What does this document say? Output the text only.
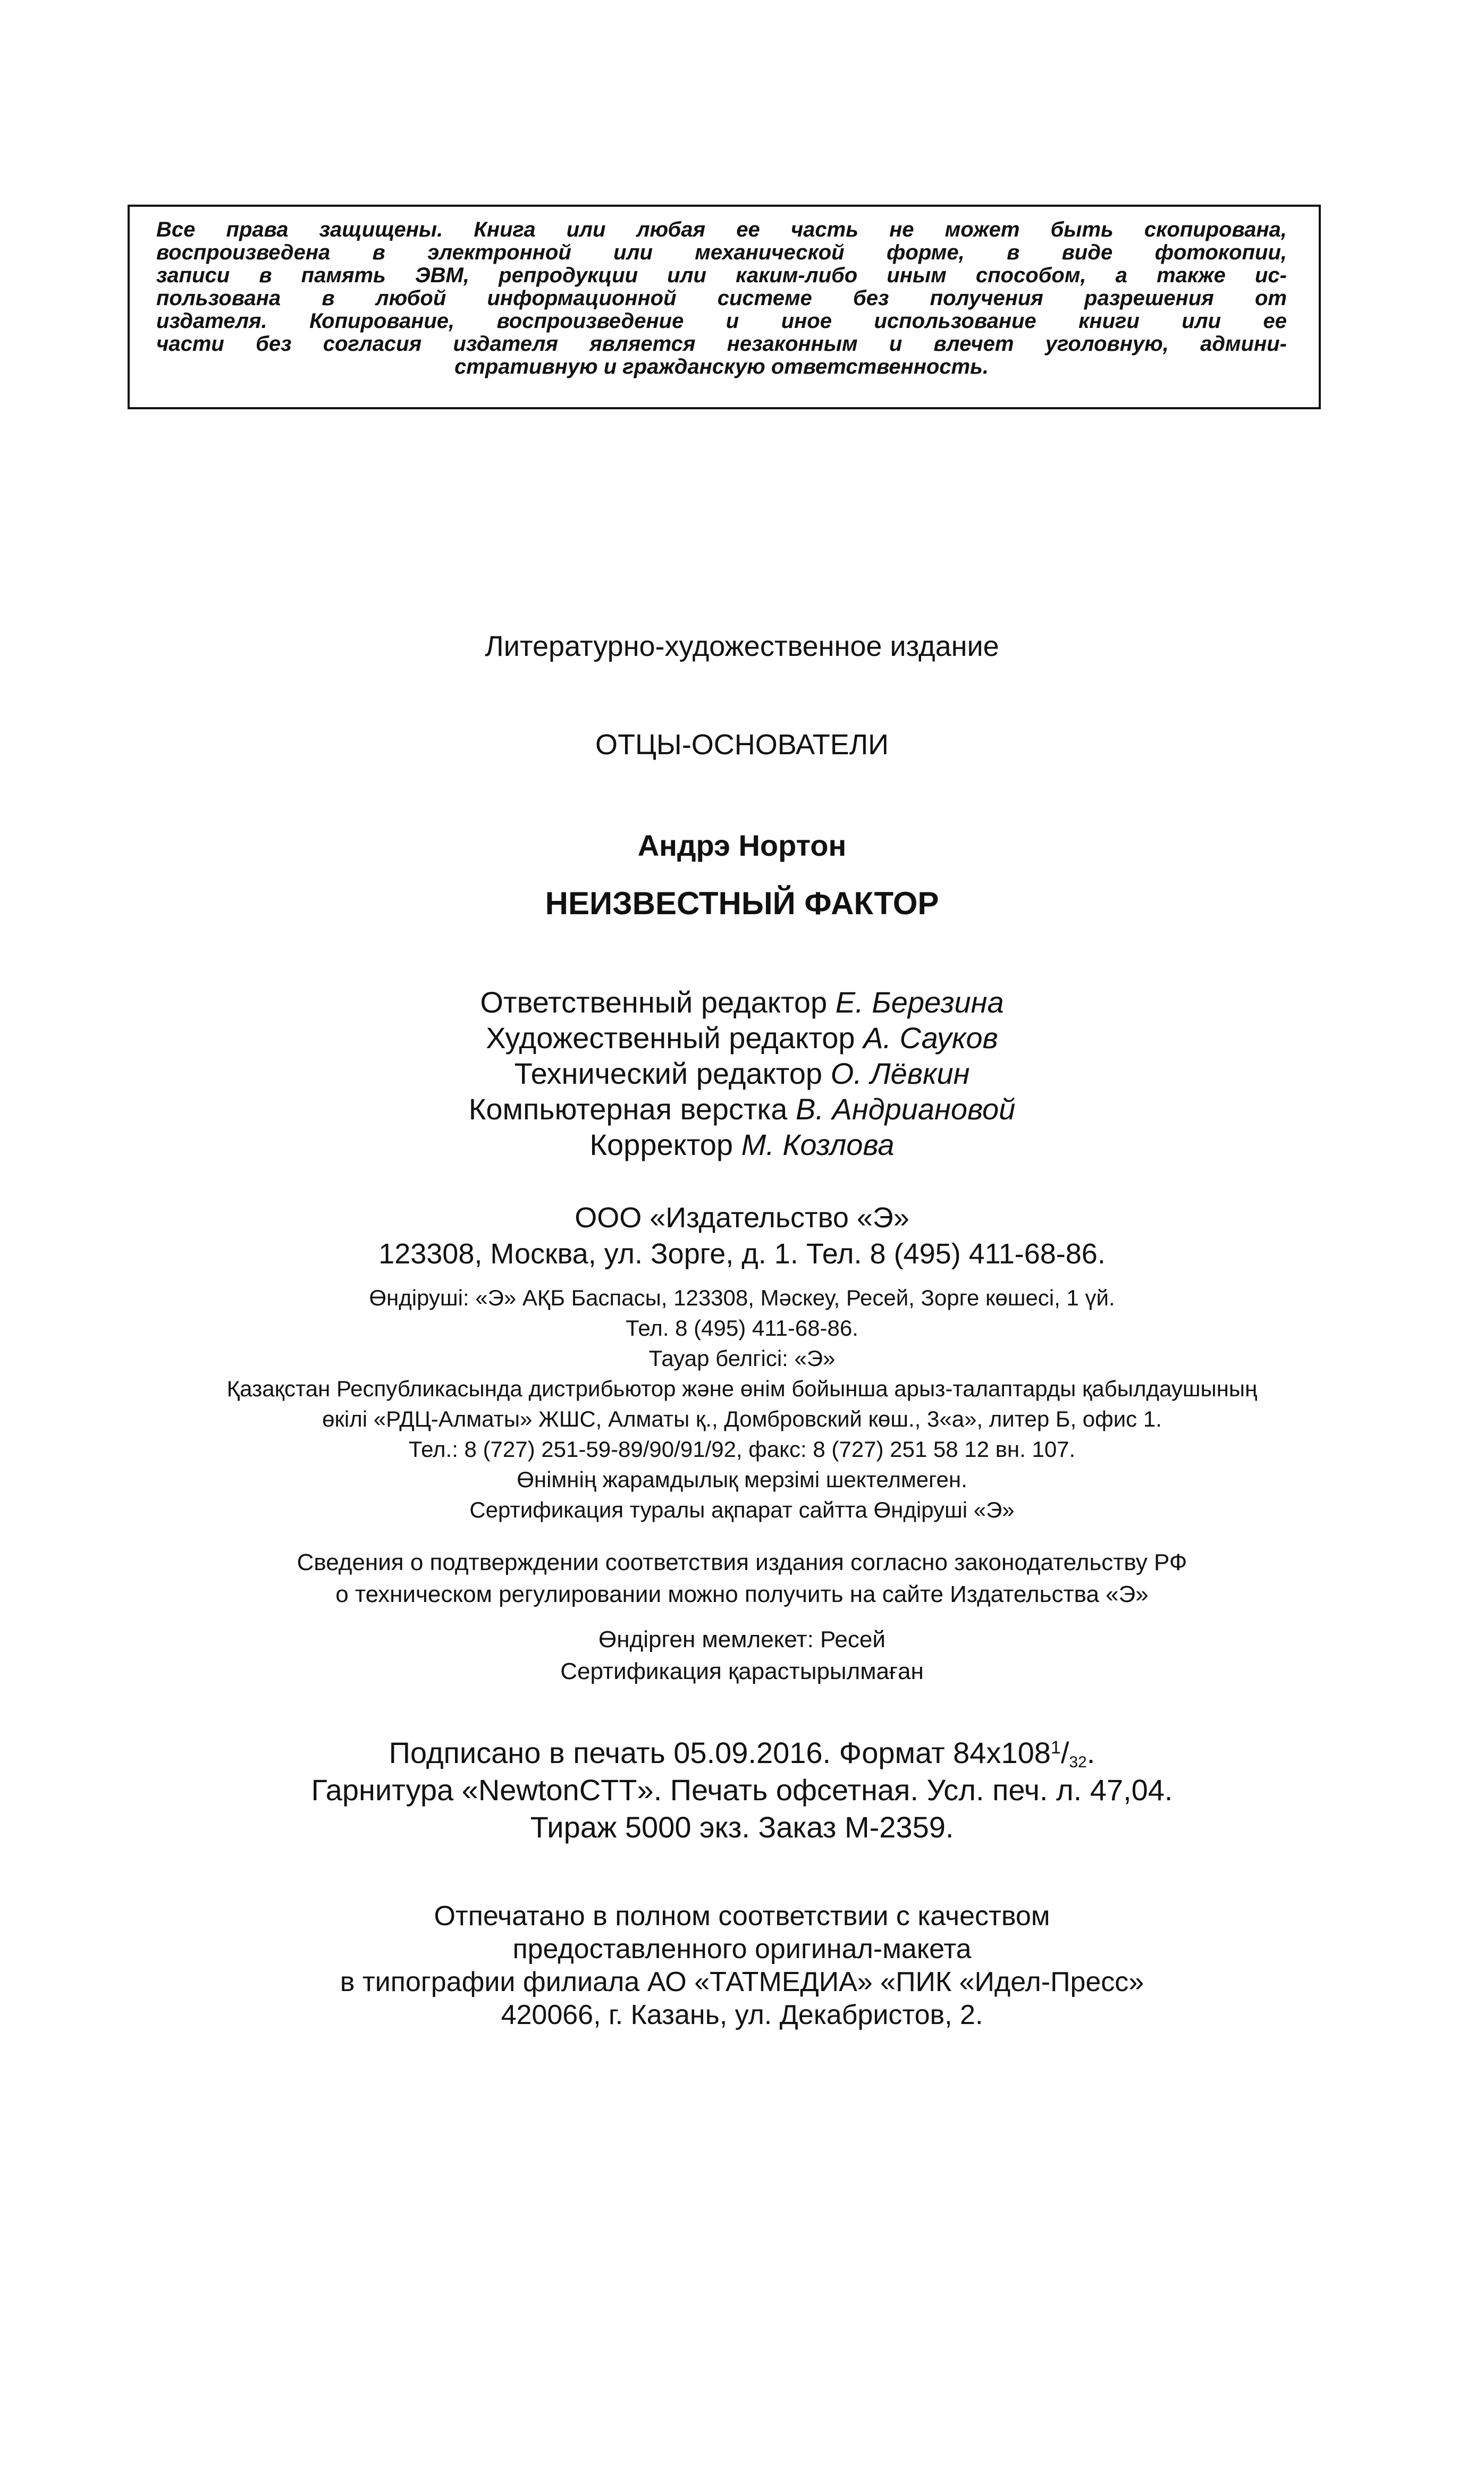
Все права защищены. Книга или любая ее часть не может быть скопирована,
воспроизведена в электронной или механической форме, в виде фотокопии,
записи в память ЭВМ, репродукции или каким-либо иным способом, а также ис-
пользована в любой информационной системе без получения разрешения от
издателя. Копирование, воспроизведение и иное использование книги или ее
части без согласия издателя является незаконным и влечет уголовную, админи-
стративную и гражданскую ответственность.
Литературно-художественное издание
ОТЦЫ-ОСНОВАТЕЛИ
Андрэ Нортон
НЕИЗВЕСТНЫЙ ФАКТОР
Ответственный редактор Е. Березина
Художественный редактор А. Сауков
Технический редактор О. Лёвкин
Компьютерная верстка В. Андриановой
Корректор М. Козлова
ООО «Издательство «Э»
123308, Москва, ул. Зорге, д. 1. Тел. 8 (495) 411-68-86.
Өндіруші: «Э» АҚБ Баспасы, 123308, Мәскеу, Ресей, Зорге көшесі, 1 үй.
Тел. 8 (495) 411-68-86.
Тауар белгісі: «Э»
Қазақстан Республикасында дистрибьютор және өнім бойынша арыз-талаптарды қабылдаушының
өкілі «РДЦ-Алматы» ЖШС, Алматы қ., Домбровский көш., 3«а», литер Б, офис 1.
Тел.: 8 (727) 251-59-89/90/91/92, факс: 8 (727) 251 58 12 вн. 107.
Өнімнің жарамдылық мерзімі шектелмеген.
Сертификация туралы ақпарат сайтта Өндіруші «Э»
Сведения о подтверждении соответствия издания согласно законодательству РФ
о техническом регулировании можно получить на сайте Издательства «Э»
Өндірген мемлекет: Ресей
Сертификация қарастырылмаған
Подписано в печать 05.09.2016. Формат $84x108^1/_{32}$.
Гарнитура «NewtonCTT». Печать офсетная. Усл. печ. л. 47,04.
Тираж 5000 экз. Заказ М-2359.
Отпечатано в полном соответствии с качеством
предоставленного оригинал-макета
в типографии филиала АО «ТАТМЕДИА» «ПИК «Идел-Пресс»
420066, г. Казань, ул. Декабристов, 2.
